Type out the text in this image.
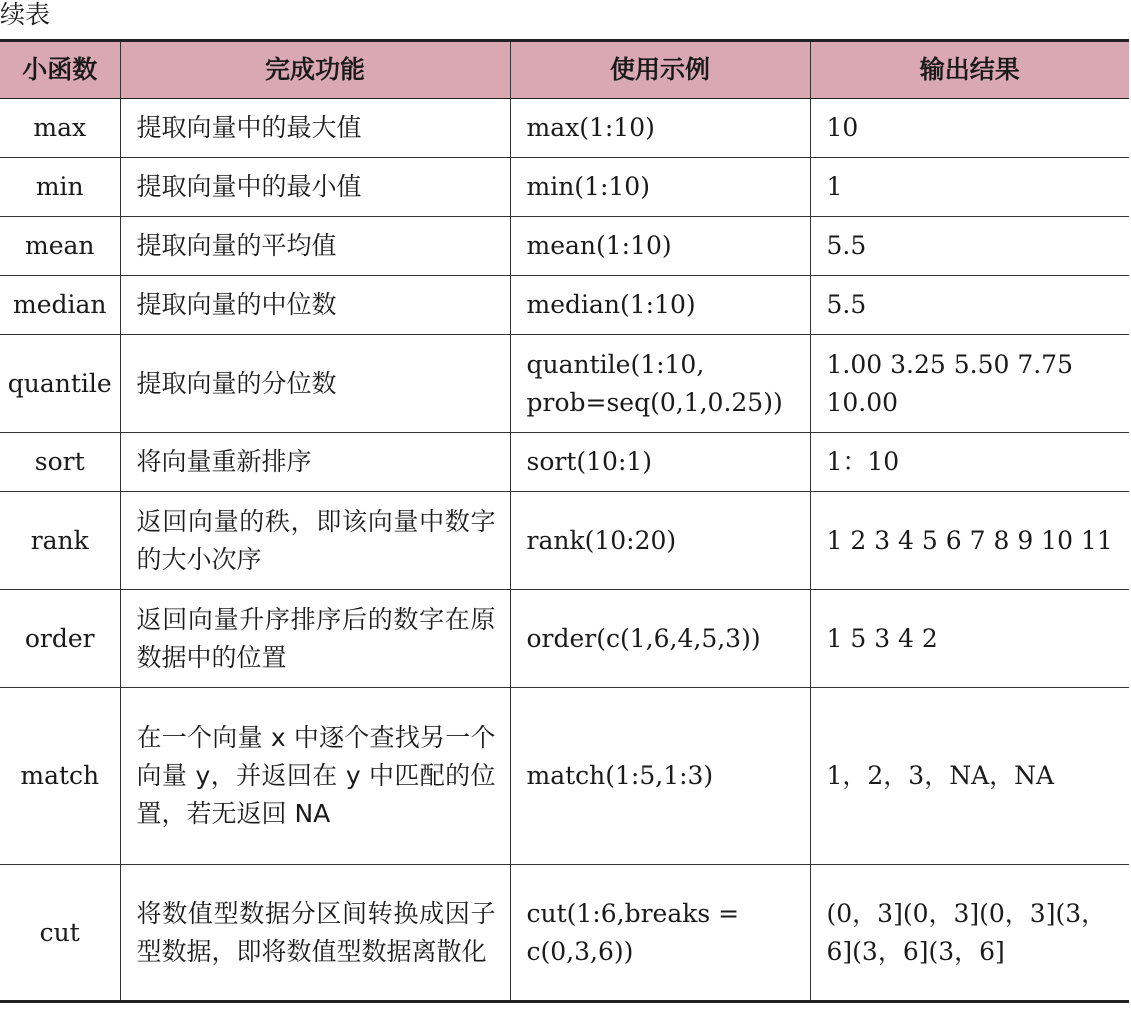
续表
小函数	完成功能	使用示例	输出结果
max	提取向量中的最大值	max(1:10)	10
min	提取向量中的最小值	min(1:10)	1
mean	提取向量的平均值	mean(1:10)	5.5
median	提取向量的中位数	median(1:10)	5.5
quantile	提取向量的分位数	quantile(1:10, prob=seq(0,1,0.25))	1.00 3.25 5.50 7.75 10.00
sort	将向量重新排序	sort(10:1)	1：10
rank	返回向量的秩，即该向量中数字的大小次序	rank(10:20)	1 2 3 4 5 6 7 8 9 10 11
order	返回向量升序排序后的数字在原数据中的位置	order(c(1,6,4,5,3))	1 5 3 4 2
match	在一个向量 x 中逐个查找另一个向量 y，并返回在 y 中匹配的位置，若无返回 NA	match(1:5,1:3)	1，2，3，NA，NA
cut	将数值型数据分区间转换成因子型数据，即将数值型数据离散化	cut(1:6,breaks = c(0,3,6))	(0，3](0，3](0，3](3，6](3，6](3，6]
